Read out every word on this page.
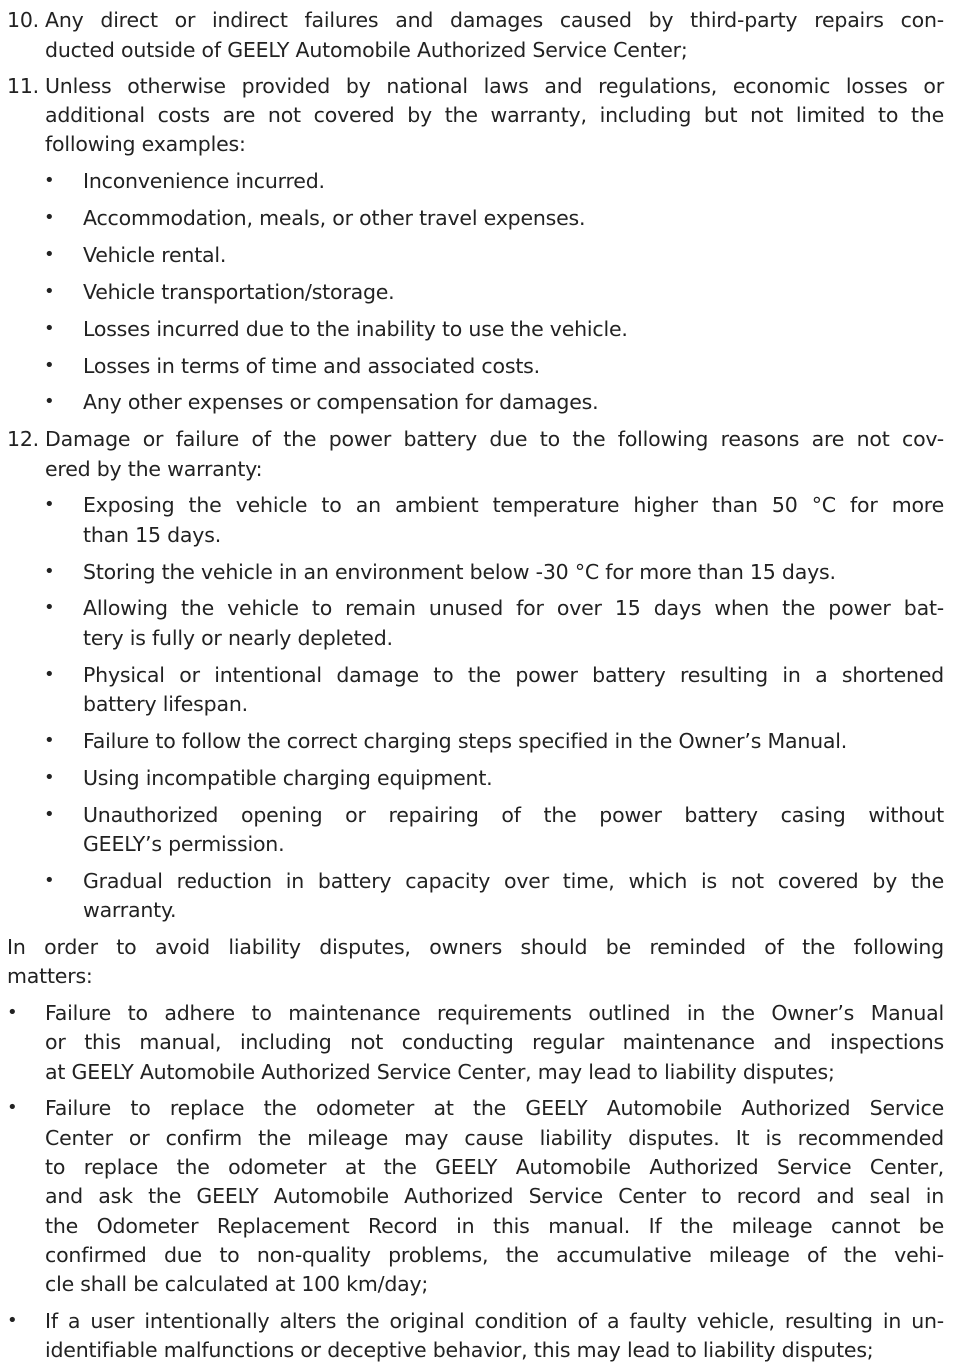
10. Any direct or indirect failures and damages caused by third-party repairs con-
ducted outside of GEELY Automobile Authorized Service Center;
11. Unless otherwise provided by national laws and regulations, economic losses or
additional costs are not covered by the warranty, including but not limited to the
following examples:
• Inconvenience incurred.
• Accommodation, meals, or other travel expenses.
• Vehicle rental.
• Vehicle transportation/storage.
• Losses incurred due to the inability to use the vehicle.
• Losses in terms of time and associated costs.
• Any other expenses or compensation for damages.
12. Damage or failure of the power battery due to the following reasons are not cov-
ered by the warranty:
• Exposing the vehicle to an ambient temperature higher than 50 °C for more
than 15 days.
• Storing the vehicle in an environment below -30 °C for more than 15 days.
• Allowing the vehicle to remain unused for over 15 days when the power bat-
tery is fully or nearly depleted.
• Physical or intentional damage to the power battery resulting in a shortened
battery lifespan.
• Failure to follow the correct charging steps specified in the Owner’s Manual.
• Using incompatible charging equipment.
• Unauthorized opening or repairing of the power battery casing without
GEELY’s permission.
• Gradual reduction in battery capacity over time, which is not covered by the
warranty.
In order to avoid liability disputes, owners should be reminded of the following
matters:
• Failure to adhere to maintenance requirements outlined in the Owner’s Manual
or this manual, including not conducting regular maintenance and inspections
at GEELY Automobile Authorized Service Center, may lead to liability disputes;
• Failure to replace the odometer at the GEELY Automobile Authorized Service
Center or confirm the mileage may cause liability disputes. It is recommended
to replace the odometer at the GEELY Automobile Authorized Service Center,
and ask the GEELY Automobile Authorized Service Center to record and seal in
the Odometer Replacement Record in this manual. If the mileage cannot be
confirmed due to non-quality problems, the accumulative mileage of the vehi-
cle shall be calculated at 100 km/day;
• If a user intentionally alters the original condition of a faulty vehicle, resulting in un-
identifiable malfunctions or deceptive behavior, this may lead to liability disputes;
